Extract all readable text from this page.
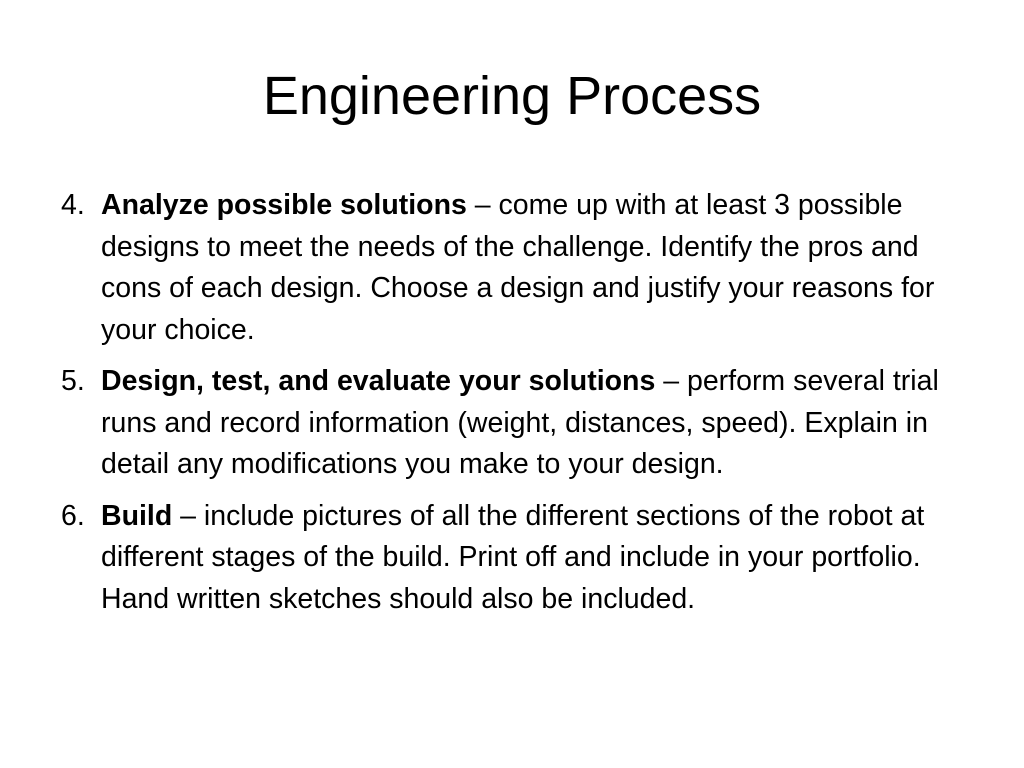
Engineering Process
4. Analyze possible solutions – come up with at least 3 possible designs to meet the needs of the challenge. Identify the pros and cons of each design. Choose a design and justify your reasons for your choice.
5. Design, test, and evaluate your solutions – perform several trial runs and record information (weight, distances, speed). Explain in detail any modifications you make to your design.
6. Build – include pictures of all the different sections of the robot at different stages of the build. Print off and include in your portfolio. Hand written sketches should also be included.
